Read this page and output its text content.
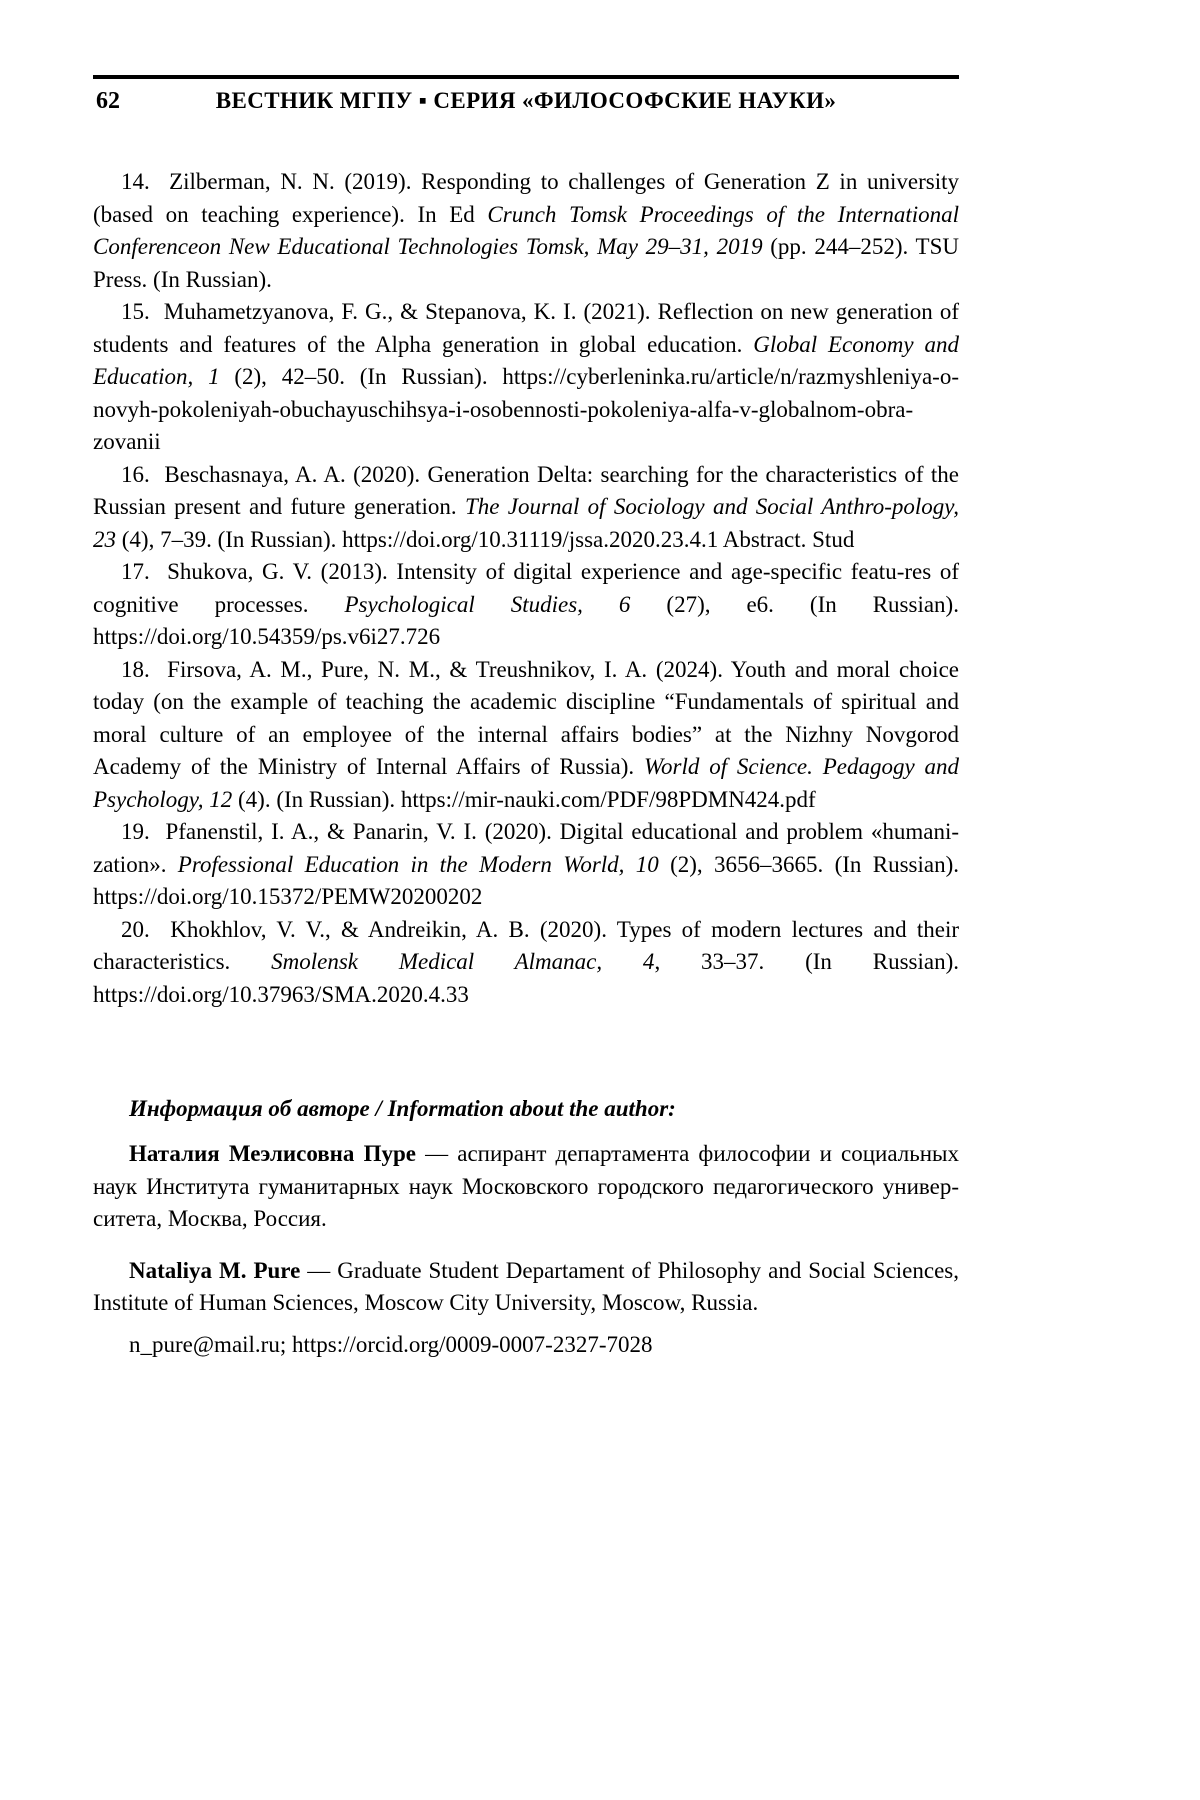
62	ВЕСТНИК МГПУ ▪ СЕРИЯ «ФИЛОСОФСКИЕ НАУКИ»

14.  Zilberman, N. N. (2019). Responding to challenges of Generation Z in university (based on teaching experience). In Ed Crunch Tomsk Proceedings of the International Conferenceon New Educational Technologies Tomsk, May 29–31, 2019 (pp. 244–252). TSU Press. (In Russian).

15.  Muhametzyanova, F. G., & Stepanova, K. I. (2021). Reflection on new generation of students and features of the Alpha generation in global education. Global Economy and Education, 1 (2), 42–50. (In Russian). https://cyberleninka.ru/article/n/razmyshleniya-o-novyh-pokoleniyah-obuchayuschihsya-i-osobennosti-pokoleniya-alfa-v-globalnom-obra-zovanii

16.  Beschasnaya, A. A. (2020). Generation Delta: searching for the characteristics of the Russian present and future generation. The Journal of Sociology and Social Anthro-pology, 23 (4), 7–39. (In Russian). https://doi.org/10.31119/jssa.2020.23.4.1 Abstract. Stud

17.  Shukova, G. V. (2013). Intensity of digital experience and age-specific featu-res of cognitive processes. Psychological Studies, 6 (27), e6. (In Russian). https://doi.org/10.54359/ps.v6i27.726

18.  Firsova, A. M., Pure, N. M., & Treushnikov, I. A. (2024). Youth and moral choice today (on the example of teaching the academic discipline “Fundamentals of spiritual and moral culture of an employee of the internal affairs bodies” at the Nizhny Novgorod Academy of the Ministry of Internal Affairs of Russia). World of Science. Pedagogy and Psychology, 12 (4). (In Russian). https://mir-nauki.com/PDF/98PDMN424.pdf

19.  Pfanenstil, I. A., & Panarin, V. I. (2020). Digital educational and problem «humani-zation». Professional Education in the Modern World, 10 (2), 3656–3665. (In Russian). https://doi.org/10.15372/PEMW20200202

20.  Khokhlov, V. V., & Andreikin, A. B. (2020). Types of modern lectures and their characteristics. Smolensk Medical Almanac, 4, 33–37. (In Russian). https://doi.org/10.37963/SMA.2020.4.33

Информация об авторе / Information about the author:

Наталия Меэлисовна Пуре — аспирант департамента философии и социальных наук Института гуманитарных наук Московского городского педагогического универ-ситета, Москва, Россия.

Nataliya M. Pure — Graduate Student Departament of Philosophy and Social Sciences, Institute of Human Sciences, Moscow City University, Moscow, Russia.

n_pure@mail.ru; https://orcid.org/0009-0007-2327-7028
